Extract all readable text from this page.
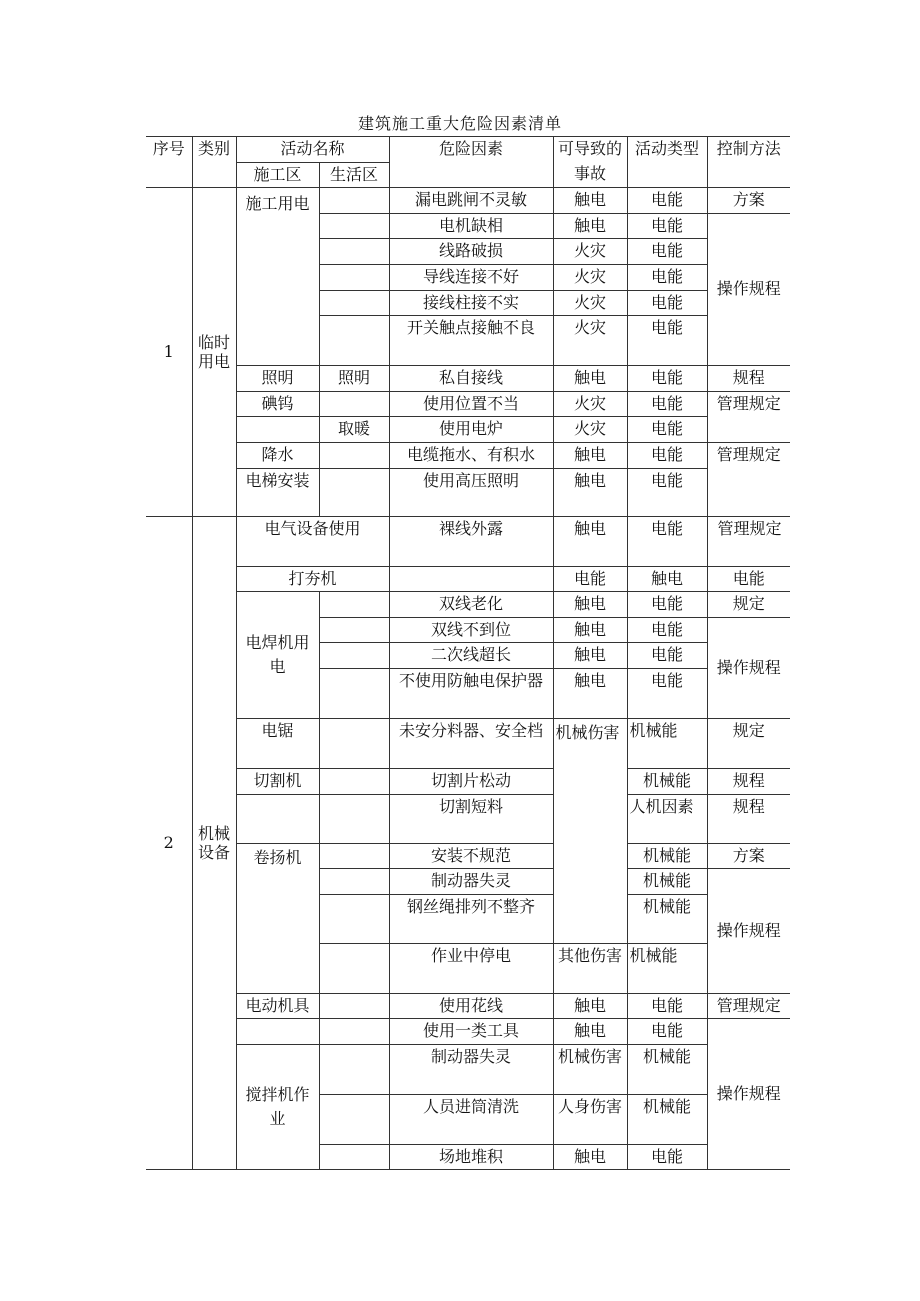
建筑施工重大危险因素清单
序号	类别	活动名称		危险因素	可导致的事故	活动类型	控制方法
		施工区	生活区				
1	临时用电	施工用电		漏电跳闸不灵敏	触电	电能	方案
				电机缺相	触电	电能	操作规程
				线路破损	火灾	电能	
				导线连接不好	火灾	电能	
				接线柱接不实	火灾	电能	
				开关触点接触不良	火灾	电能	
		照明	照明	私自接线	触电	电能	规程
		碘钨		使用位置不当	火灾	电能	管理规定
			取暖	使用电炉	火灾	电能	
		降水		电缆拖水、有积水	触电	电能	管理规定
		电梯安装		使用高压照明	触电	电能	
2	机械设备	电气设备使用		裸线外露	触电	电能	管理规定
		打夯机			电能	触电	电能
		电焊机用电		双线老化	触电	电能	规定
				双线不到位	触电	电能	操作规程
				二次线超长	触电	电能	
				不使用防触电保护器	触电	电能	
		电锯		未安分料器、安全档	机械伤害	机械能	规定
		切割机		切割片松动		机械能	规程
				切割短料		人机因素	规程
		卷扬机		安装不规范		机械能	方案
				制动器失灵		机械能	操作规程
				钢丝绳排列不整齐		机械能	
				作业中停电	其他伤害	机械能	
		电动机具		使用花线	触电	电能	管理规定
				使用一类工具	触电	电能	操作规程
		搅拌机作业		制动器失灵	机械伤害	机械能	
				人员进筒清洗	人身伤害	机械能	
				场地堆积	触电	电能	
